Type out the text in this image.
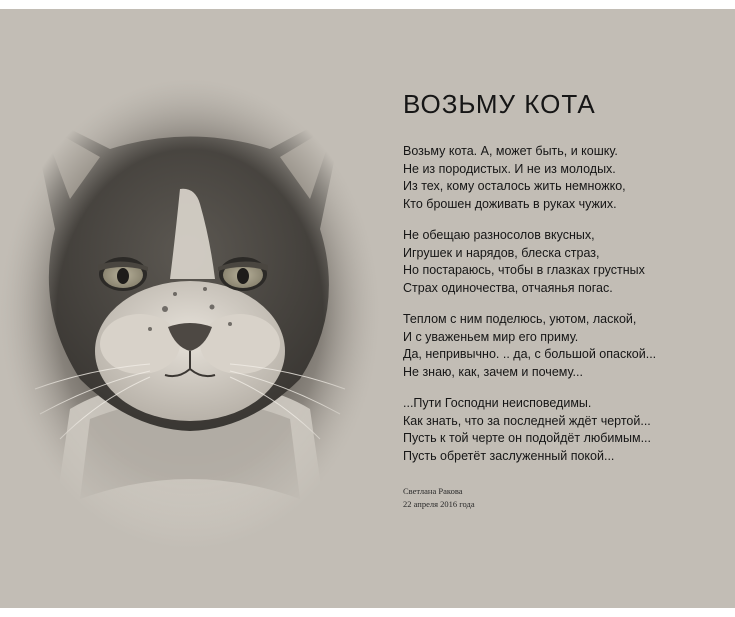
ВОЗЬМУ КОТА
Возьму кота. А, может быть, и кошку.
Не из породистых. И не из молодых.
Из тех, кому осталось жить немножко,
Кто брошен доживать в руках чужих.
Не обещаю разносолов вкусных,
Игрушек и нарядов, блеска страз,
Но постараюсь, чтобы в глазках грустных
Страх одиночества, отчаянья погас.
Теплом с ним поделюсь, уютом, лаской,
И с уваженьем мир его приму.
Да, непривычно. .. да, с большой опаской...
Не знаю, как, зачем и почему...
...Пути Господни неисповедимы.
Как знать, что за последней ждёт чертой...
Пусть к той черте он подойдёт любимым...
Пусть обретёт заслуженный покой...
Светлана Ракова
22 апреля 2016 года
